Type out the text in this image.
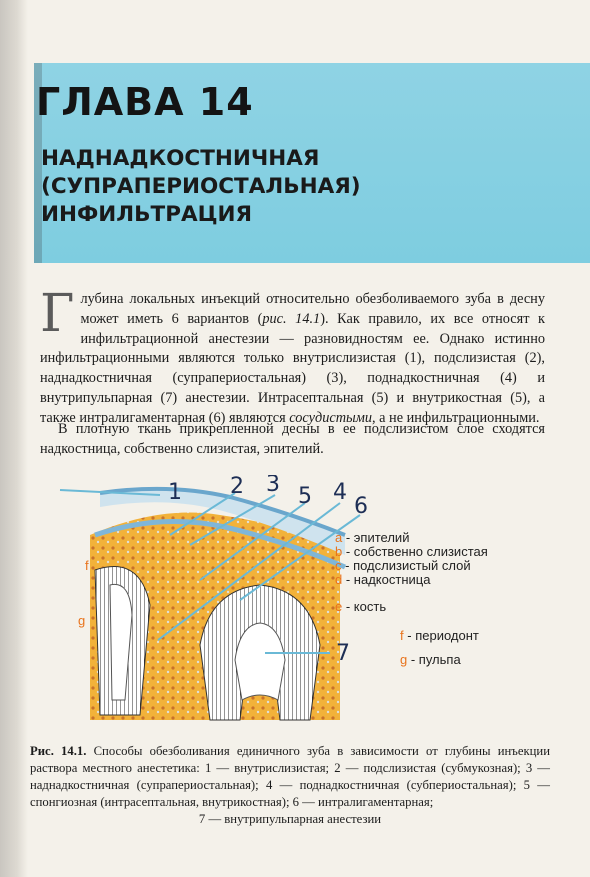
ГЛАВА 14
НАДНАДКОСТНИЧНАЯ
(СУПРАПЕРИОСТАЛЬНАЯ)
ИНФИЛЬТРАЦИЯ
Глубина локальных инъекций относительно обезболиваемого зуба в десну может иметь 6 вариантов (рис. 14.1). Как правило, их все относят к инфильтрационной анестезии — разновидностям ее. Однако истинно инфильтрационными являются только внутрислизистая (1), подслизистая (2), наднадкостничная (супрапериостальная) (3), поднадкостничная (4) и внутрипульпарная (7) анестезии. Интрасептальная (5) и внутрикостная (5), а также интралигаментарная (6) являются сосудистыми, а не инфильтрационными.
В плотную ткань прикрепленной десны в ее подслизистом слое сходятся надкостница, собственно слизистая, эпителий.
1 2 3 5 4
6
7
f
g
a - эпителий
b - собственно слизистая
c - подслизистый слой
d - надкостница
e - кость
f - периодонт
g - пульпа
Рис. 14.1. Способы обезболивания единичного зуба в зависимости от глубины инъекции раствора местного анестетика: 1 — внутрислизистая; 2 — подслизистая (субмукозная); 3 — наднадкостничная (супрапериостальная); 4 — поднадкостничная (субпериостальная); 5 — спонгиозная (интрасептальная, внутрикостная); 6 — интралигаментарная;
7 — внутрипульпарная анестезии
